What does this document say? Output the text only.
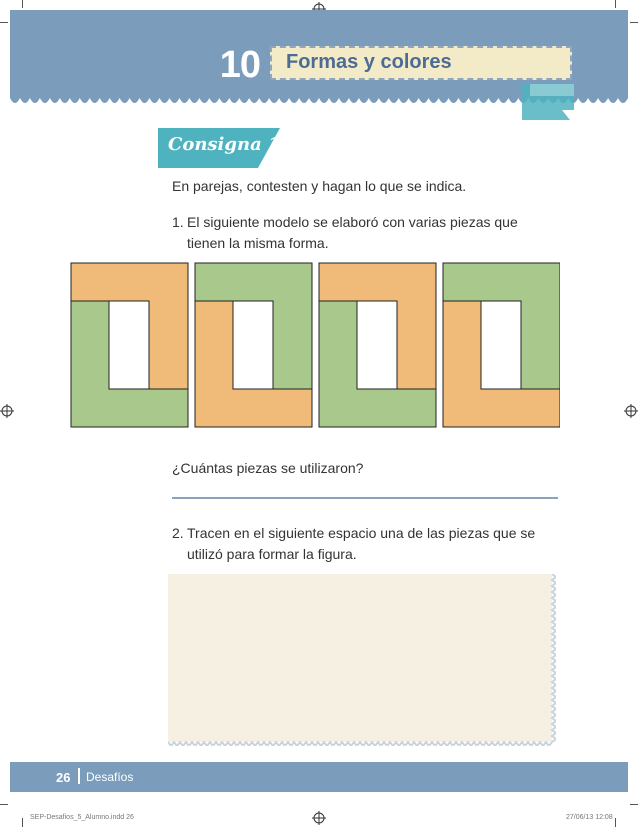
10 Formas y colores
Consigna 1
En parejas, contesten y hagan lo que se indica.
1. El siguiente modelo se elaboró con varias piezas que
tienen la misma forma.
¿Cuántas piezas se utilizaron?
2. Tracen en el siguiente espacio una de las piezas que se
utilizó para formar la figura.
26 Desafíos
SEP-Desafios_5_Alumno.indd 26	27/06/13 12:08
